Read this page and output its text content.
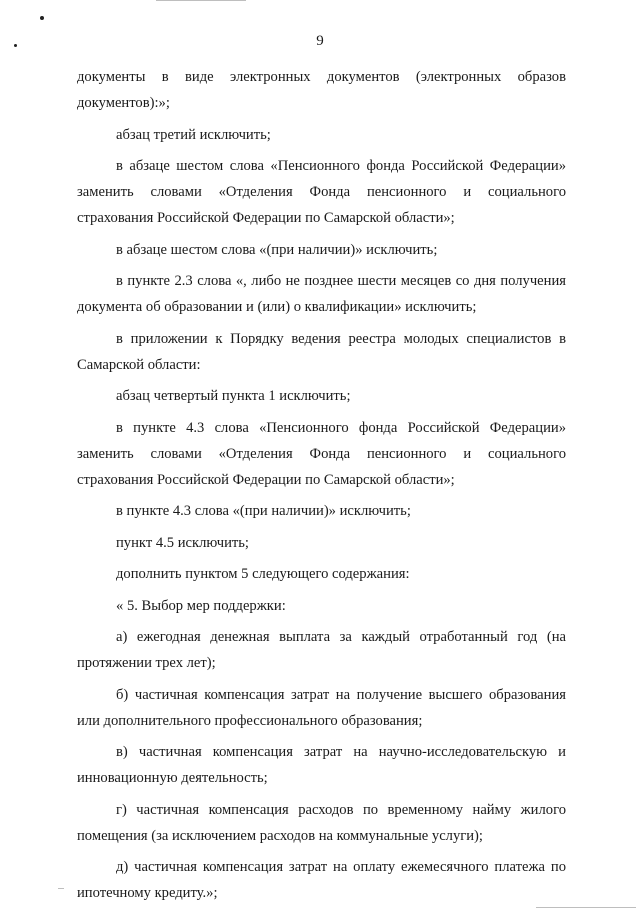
9

документы в виде электронных документов (электронных образов документов):»;

абзац третий исключить;

в абзаце шестом слова «Пенсионного фонда Российской Федерации» заменить словами «Отделения Фонда пенсионного и социального страхования Российской Федерации по Самарской области»;

в абзаце шестом слова «(при наличии)» исключить;

в пункте 2.3 слова «, либо не позднее шести месяцев со дня получения документа об образовании и (или) о квалификации» исключить;

в приложении к Порядку ведения реестра молодых специалистов в Самарской области:

абзац четвертый пункта 1 исключить;

в пункте 4.3 слова «Пенсионного фонда Российской Федерации» заменить словами «Отделения Фонда пенсионного и социального страхования Российской Федерации по Самарской области»;

в пункте 4.3 слова «(при наличии)» исключить;

пункт 4.5 исключить;

дополнить пунктом 5 следующего содержания:

« 5. Выбор мер поддержки:

а) ежегодная денежная выплата за каждый отработанный год (на протяжении трех лет);

б) частичная компенсация затрат на получение высшего образования или дополнительного профессионального образования;

в) частичная компенсация затрат на научно-исследовательскую и инновационную деятельность;

г) частичная компенсация расходов по временному найму жилого помещения (за исключением расходов на коммунальные услуги);

д) частичная компенсация затрат на оплату ежемесячного платежа по ипотечному кредиту.»;
